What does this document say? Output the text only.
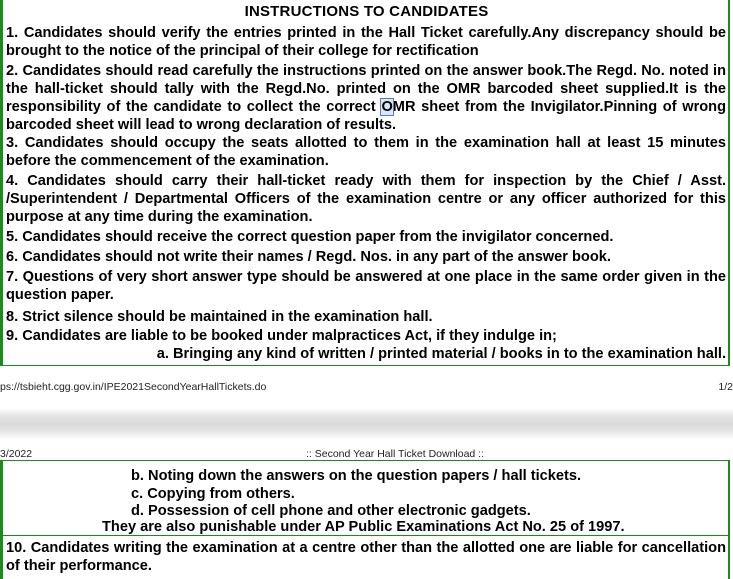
INSTRUCTIONS TO CANDIDATES
1. Candidates should verify the entries printed in the Hall Ticket carefully.Any discrepancy should be brought to the notice of the principal of their college for rectification
2. Candidates should read carefully the instructions printed on the answer book.The Regd. No. noted in the hall-ticket should tally with the Regd.No. printed on the OMR barcoded sheet supplied.It is the responsibility of the candidate to collect the correct OMR sheet from the Invigilator.Pinning of wrong barcoded sheet will lead to wrong declaration of results.
3. Candidates should occupy the seats allotted to them in the examination hall at least 15 minutes before the commencement of the examination.
4. Candidates should carry their hall-ticket ready with them for inspection by the Chief / Asst. /Superintendent / Departmental Officers of the examination centre or any officer authorized for this purpose at any time during the examination.
5. Candidates should receive the correct question paper from the invigilator concerned.
6. Candidates should not write their names / Regd. Nos. in any part of the answer book.
7. Questions of very short answer type should be answered at one place in the same order given in the question paper.
8. Strict silence should be maintained in the examination hall.
9. Candidates are liable to be booked under malpractices Act, if they indulge in;
a. Bringing any kind of written / printed material / books in to the examination hall.
ps://tsbieht.cgg.gov.in/IPE2021SecondYearHallTickets.do	1/2
3/2022	:: Second Year Hall Ticket Download ::
b. Noting down the answers on the question papers / hall tickets.
c. Copying from others.
d. Possession of cell phone and other electronic gadgets.
They are also punishable under AP Public Examinations Act No. 25 of 1997.
10. Candidates writing the examination at a centre other than the allotted one are liable for cancellation of their performance.
